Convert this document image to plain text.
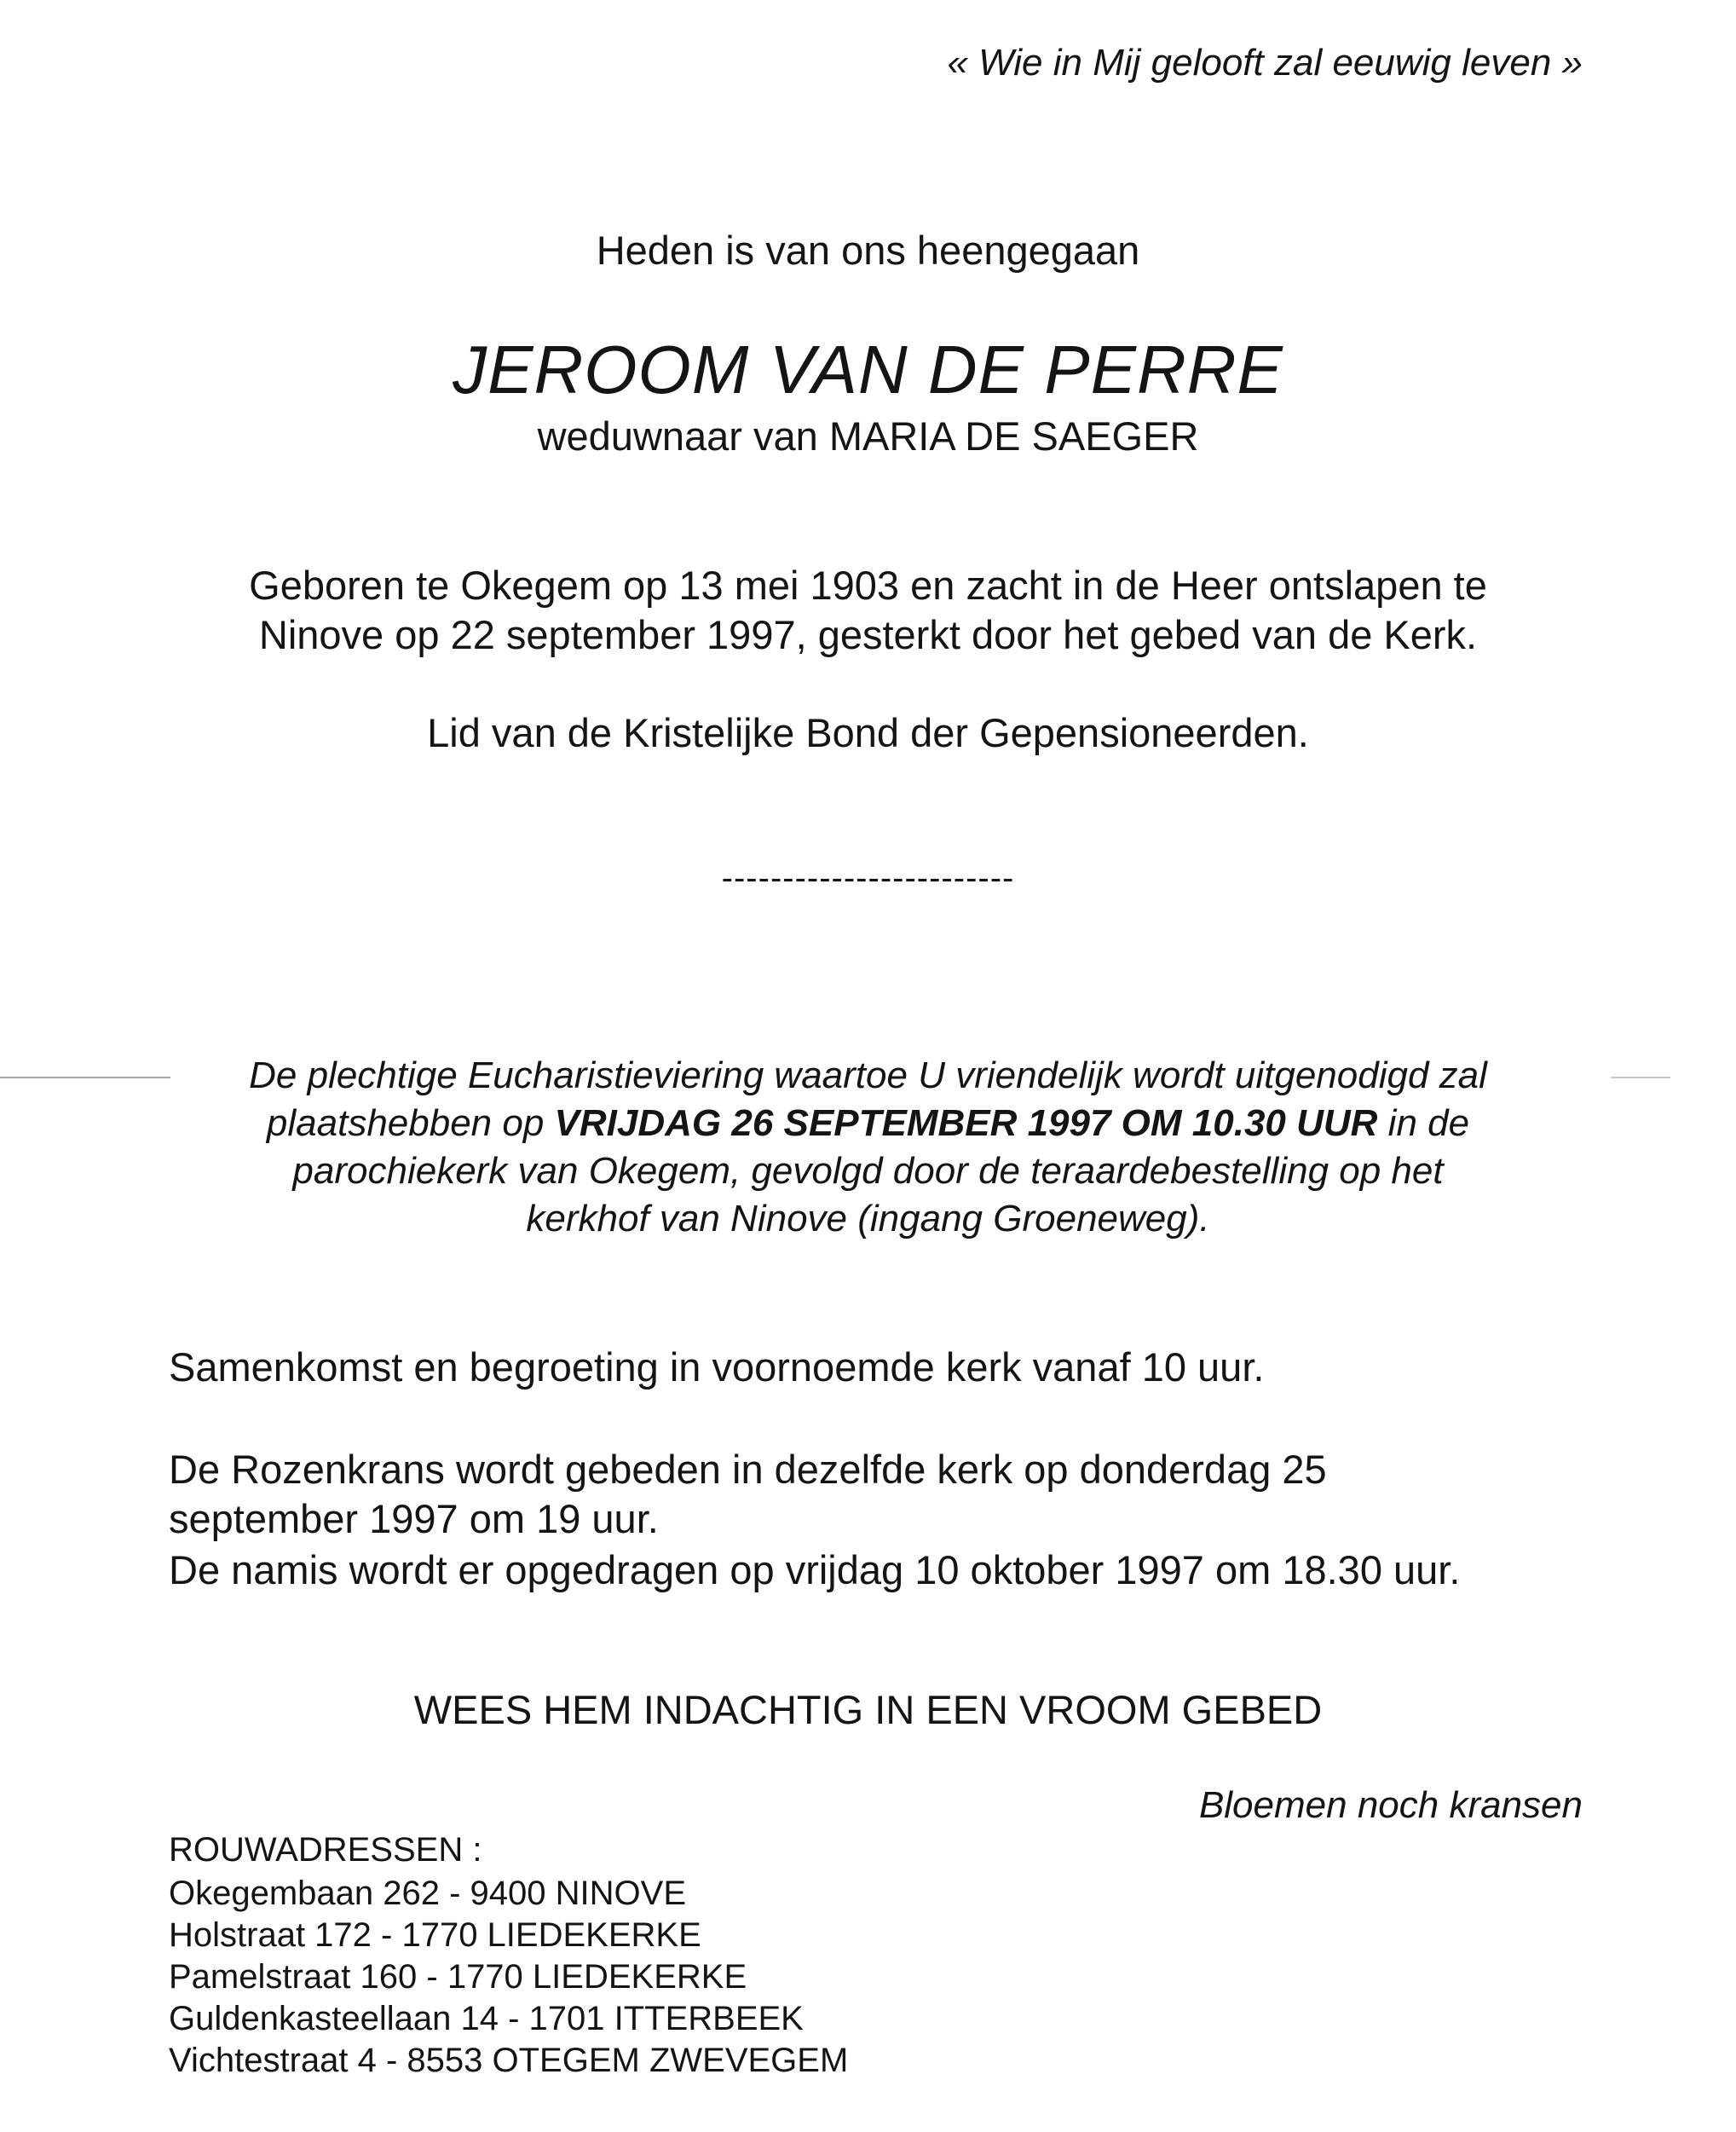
« Wie in Mij gelooft zal eeuwig leven »
Heden is van ons heengegaan
JEROOM VAN DE PERRE
weduwnaar van MARIA DE SAEGER
Geboren te Okegem op 13 mei 1903 en zacht in de Heer ontslapen te
Ninove op 22 september 1997, gesterkt door het gebed van de Kerk.
Lid van de Kristelijke Bond der Gepensioneerden.
------------------------
De plechtige Eucharistieviering waartoe U vriendelijk wordt uitgenodigd zal
plaatshebben op VRIJDAG 26 SEPTEMBER 1997 OM 10.30 UUR in de
parochiekerk van Okegem, gevolgd door de teraardebestelling op het
kerkhof van Ninove (ingang Groeneweg).
Samenkomst en begroeting in voornoemde kerk vanaf 10 uur.
De Rozenkrans wordt gebeden in dezelfde kerk op donderdag 25
september 1997 om 19 uur.
De namis wordt er opgedragen op vrijdag 10 oktober 1997 om 18.30 uur.
WEES HEM INDACHTIG IN EEN VROOM GEBED
Bloemen noch kransen
ROUWADRESSEN :
Okegembaan 262 - 9400 NINOVE
Holstraat 172 - 1770 LIEDEKERKE
Pamelstraat 160 - 1770 LIEDEKERKE
Guldenkasteellaan 14 - 1701 ITTERBEEK
Vichtestraat 4 - 8553 OTEGEM ZWEVEGEM
